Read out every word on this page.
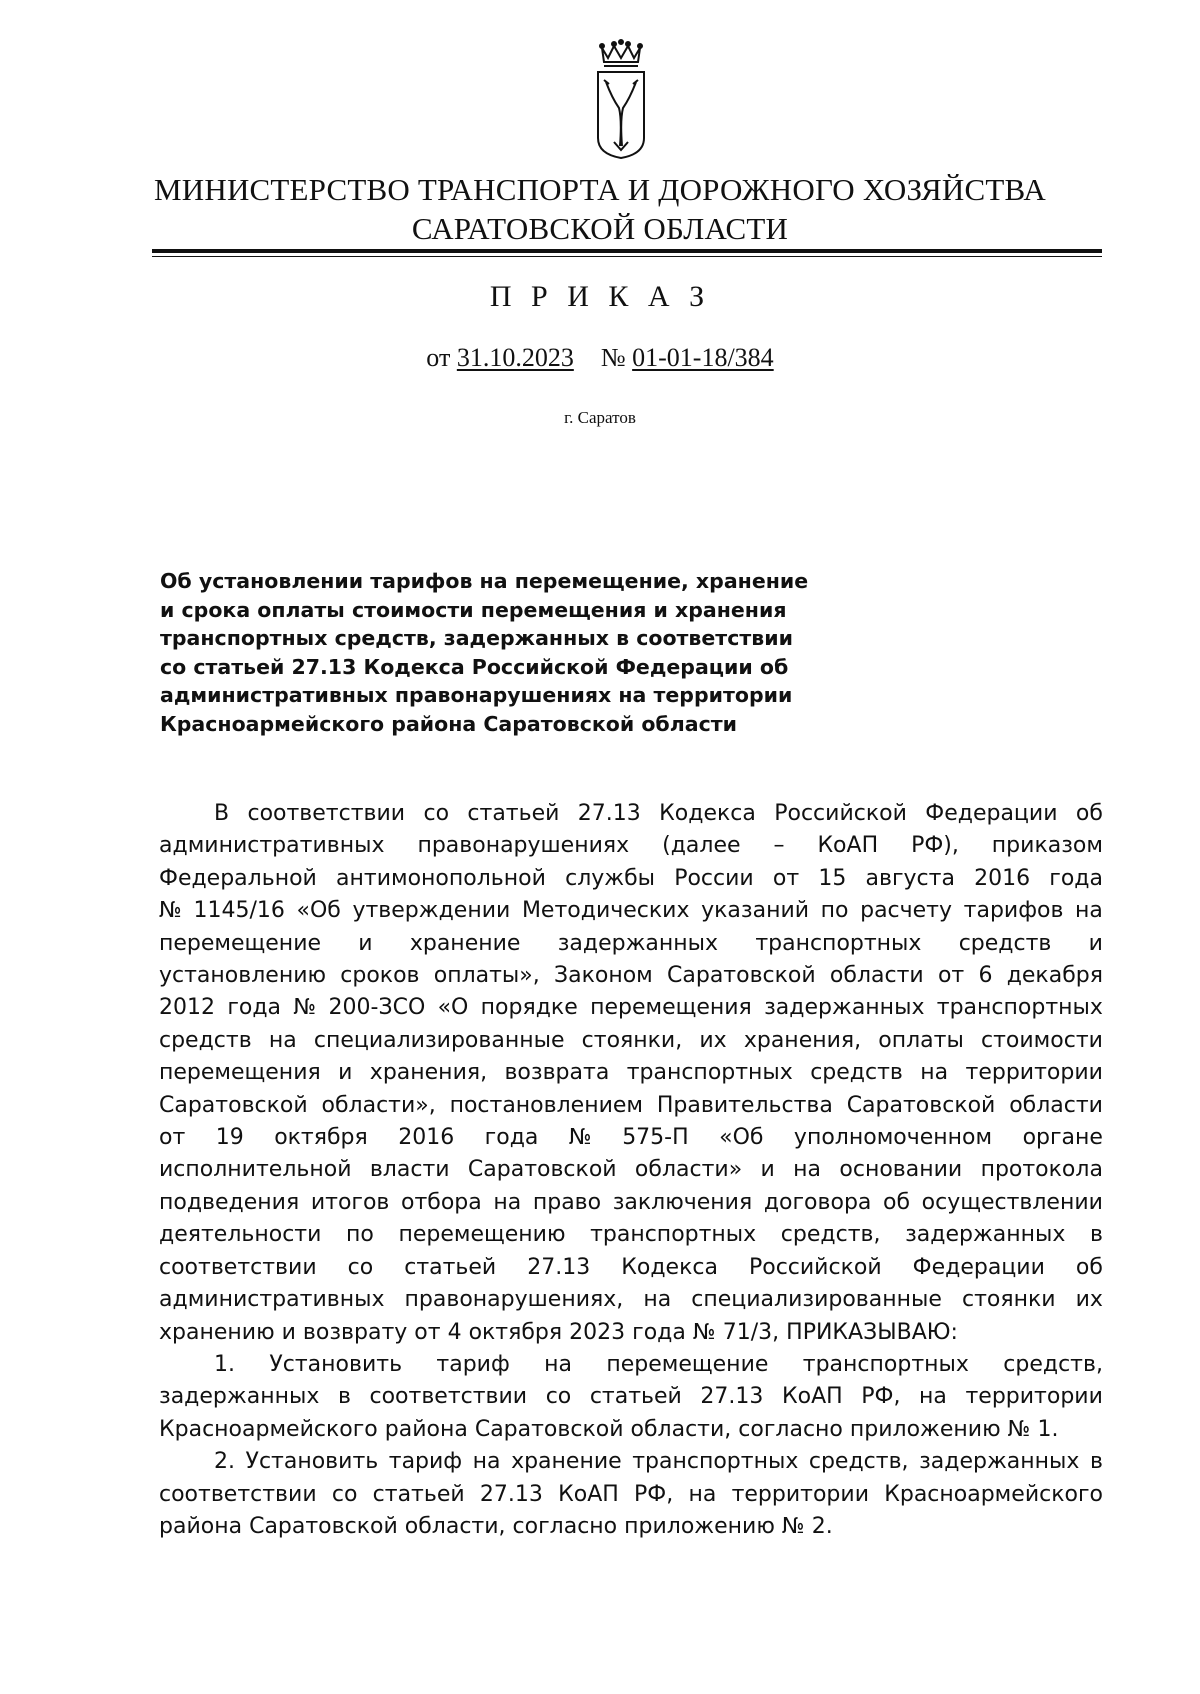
МИНИСТЕРСТВО ТРАНСПОРТА И ДОРОЖНОГО ХОЗЯЙСТВА
САРАТОВСКОЙ ОБЛАСТИ
П Р И К А З
от 31.10.2023 № 01-01-18/384
г. Саратов
Об установлении тарифов на перемещение, хранение
и срока оплаты стоимости перемещения и хранения
транспортных средств, задержанных в соответствии
со статьей 27.13 Кодекса Российской Федерации об
административных правонарушениях на территории
Красноармейского района Саратовской области
В соответствии со статьей 27.13 Кодекса Российской Федерации об
административных правонарушениях (далее – КоАП РФ), приказом
Федеральной антимонопольной службы России от 15 августа 2016 года
№ 1145/16 «Об утверждении Методических указаний по расчету тарифов на
перемещение и хранение задержанных транспортных средств и
установлению сроков оплаты», Законом Саратовской области от 6 декабря
2012 года № 200-ЗСО «О порядке перемещения задержанных транспортных
средств на специализированные стоянки, их хранения, оплаты стоимости
перемещения и хранения, возврата транспортных средств на территории
Саратовской области», постановлением Правительства Саратовской области
от 19 октября 2016 года № 575-П «Об уполномоченном органе
исполнительной власти Саратовской области» и на основании протокола
подведения итогов отбора на право заключения договора об осуществлении
деятельности по перемещению транспортных средств, задержанных в
соответствии со статьей 27.13 Кодекса Российской Федерации об
административных правонарушениях, на специализированные стоянки их
хранению и возврату от 4 октября 2023 года № 71/3, ПРИКАЗЫВАЮ:
1. Установить тариф на перемещение транспортных средств,
задержанных в соответствии со статьей 27.13 КоАП РФ, на территории
Красноармейского района Саратовской области, согласно приложению № 1.
2. Установить тариф на хранение транспортных средств, задержанных в
соответствии со статьей 27.13 КоАП РФ, на территории Красноармейского
района Саратовской области, согласно приложению № 2.
